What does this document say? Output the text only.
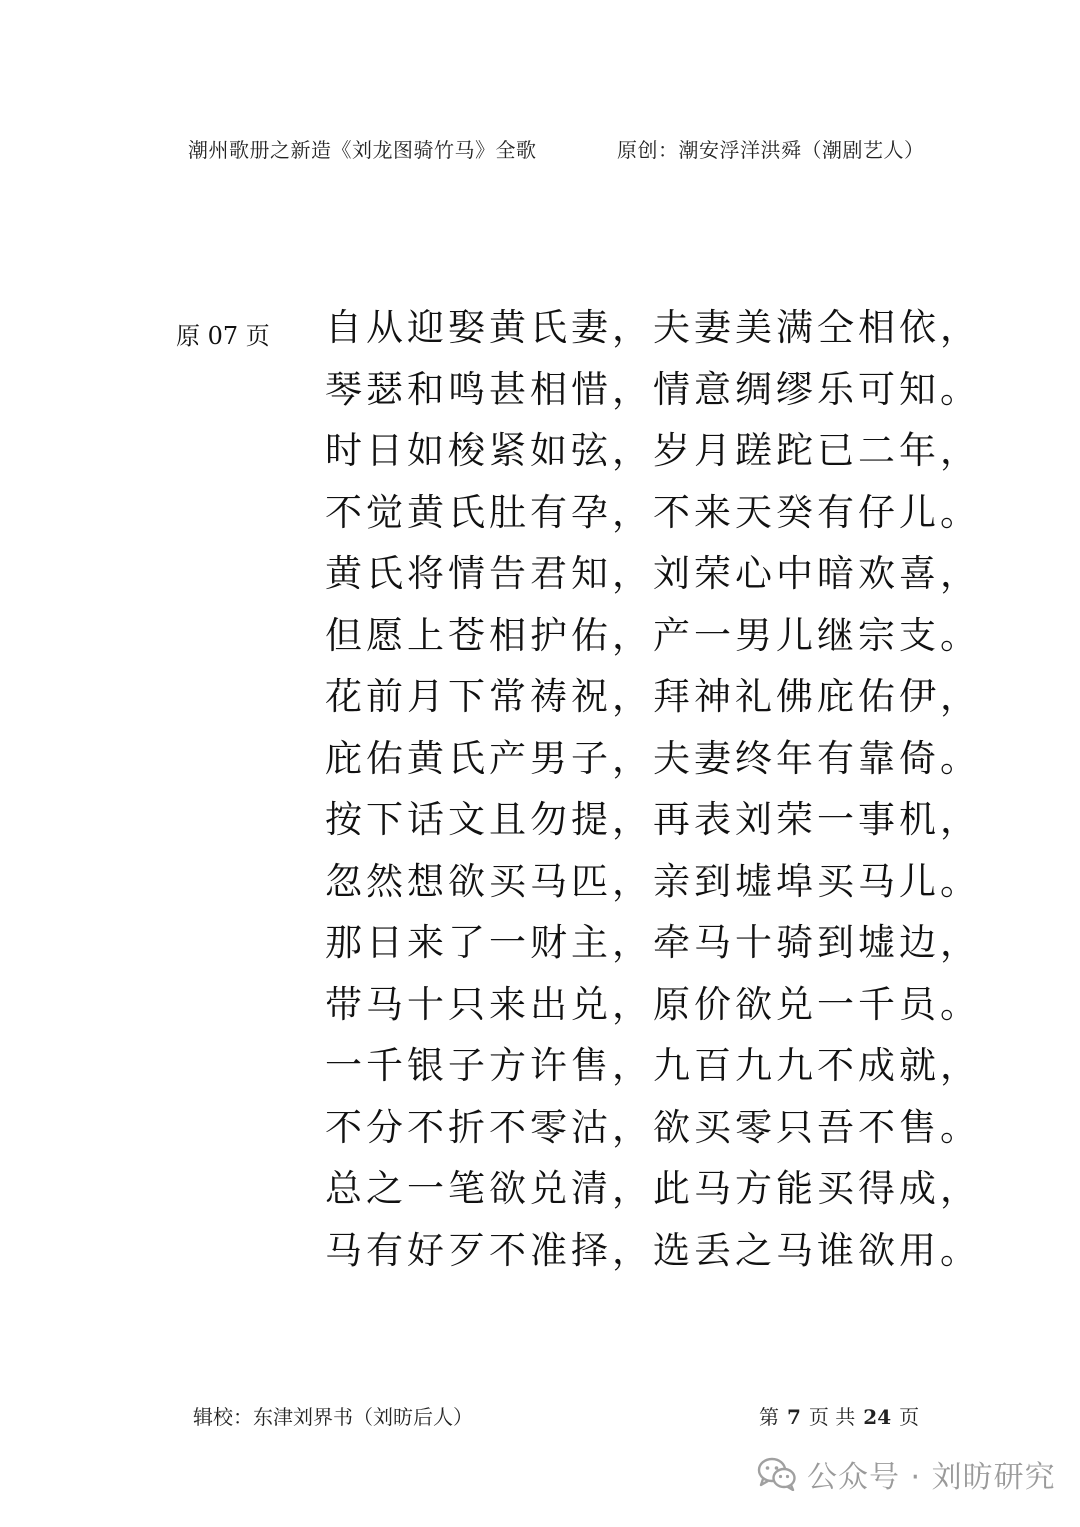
潮州歌册之新造《刘龙图骑竹马》全歌	原创：潮安浮洋洪舜（潮剧艺人）
原 07 页 自从迎娶黄氏妻，夫妻美满仝相依，
琴瑟和鸣甚相惜，情意绸缪乐可知。
时日如梭紧如弦，岁月蹉跎已二年，
不觉黄氏肚有孕，不来天癸有仔儿。
黄氏将情告君知，刘荣心中暗欢喜，
但愿上苍相护佑，产一男儿继宗支。
花前月下常祷祝，拜神礼佛庇佑伊，
庇佑黄氏产男子，夫妻终年有靠倚。
按下话文且勿提，再表刘荣一事机，
忽然想欲买马匹，亲到墟埠买马儿。
那日来了一财主，牵马十骑到墟边，
带马十只来出兑，原价欲兑一千员。
一千银子方许售，九百九九不成就，
不分不折不零沽，欲买零只吾不售。
总之一笔欲兑清，此马方能买得成，
马有好歹不准择，选丢之马谁欲用。
辑校：东津刘界书（刘昉后人）	第 7 页 共 24 页
公众号 · 刘昉研究
